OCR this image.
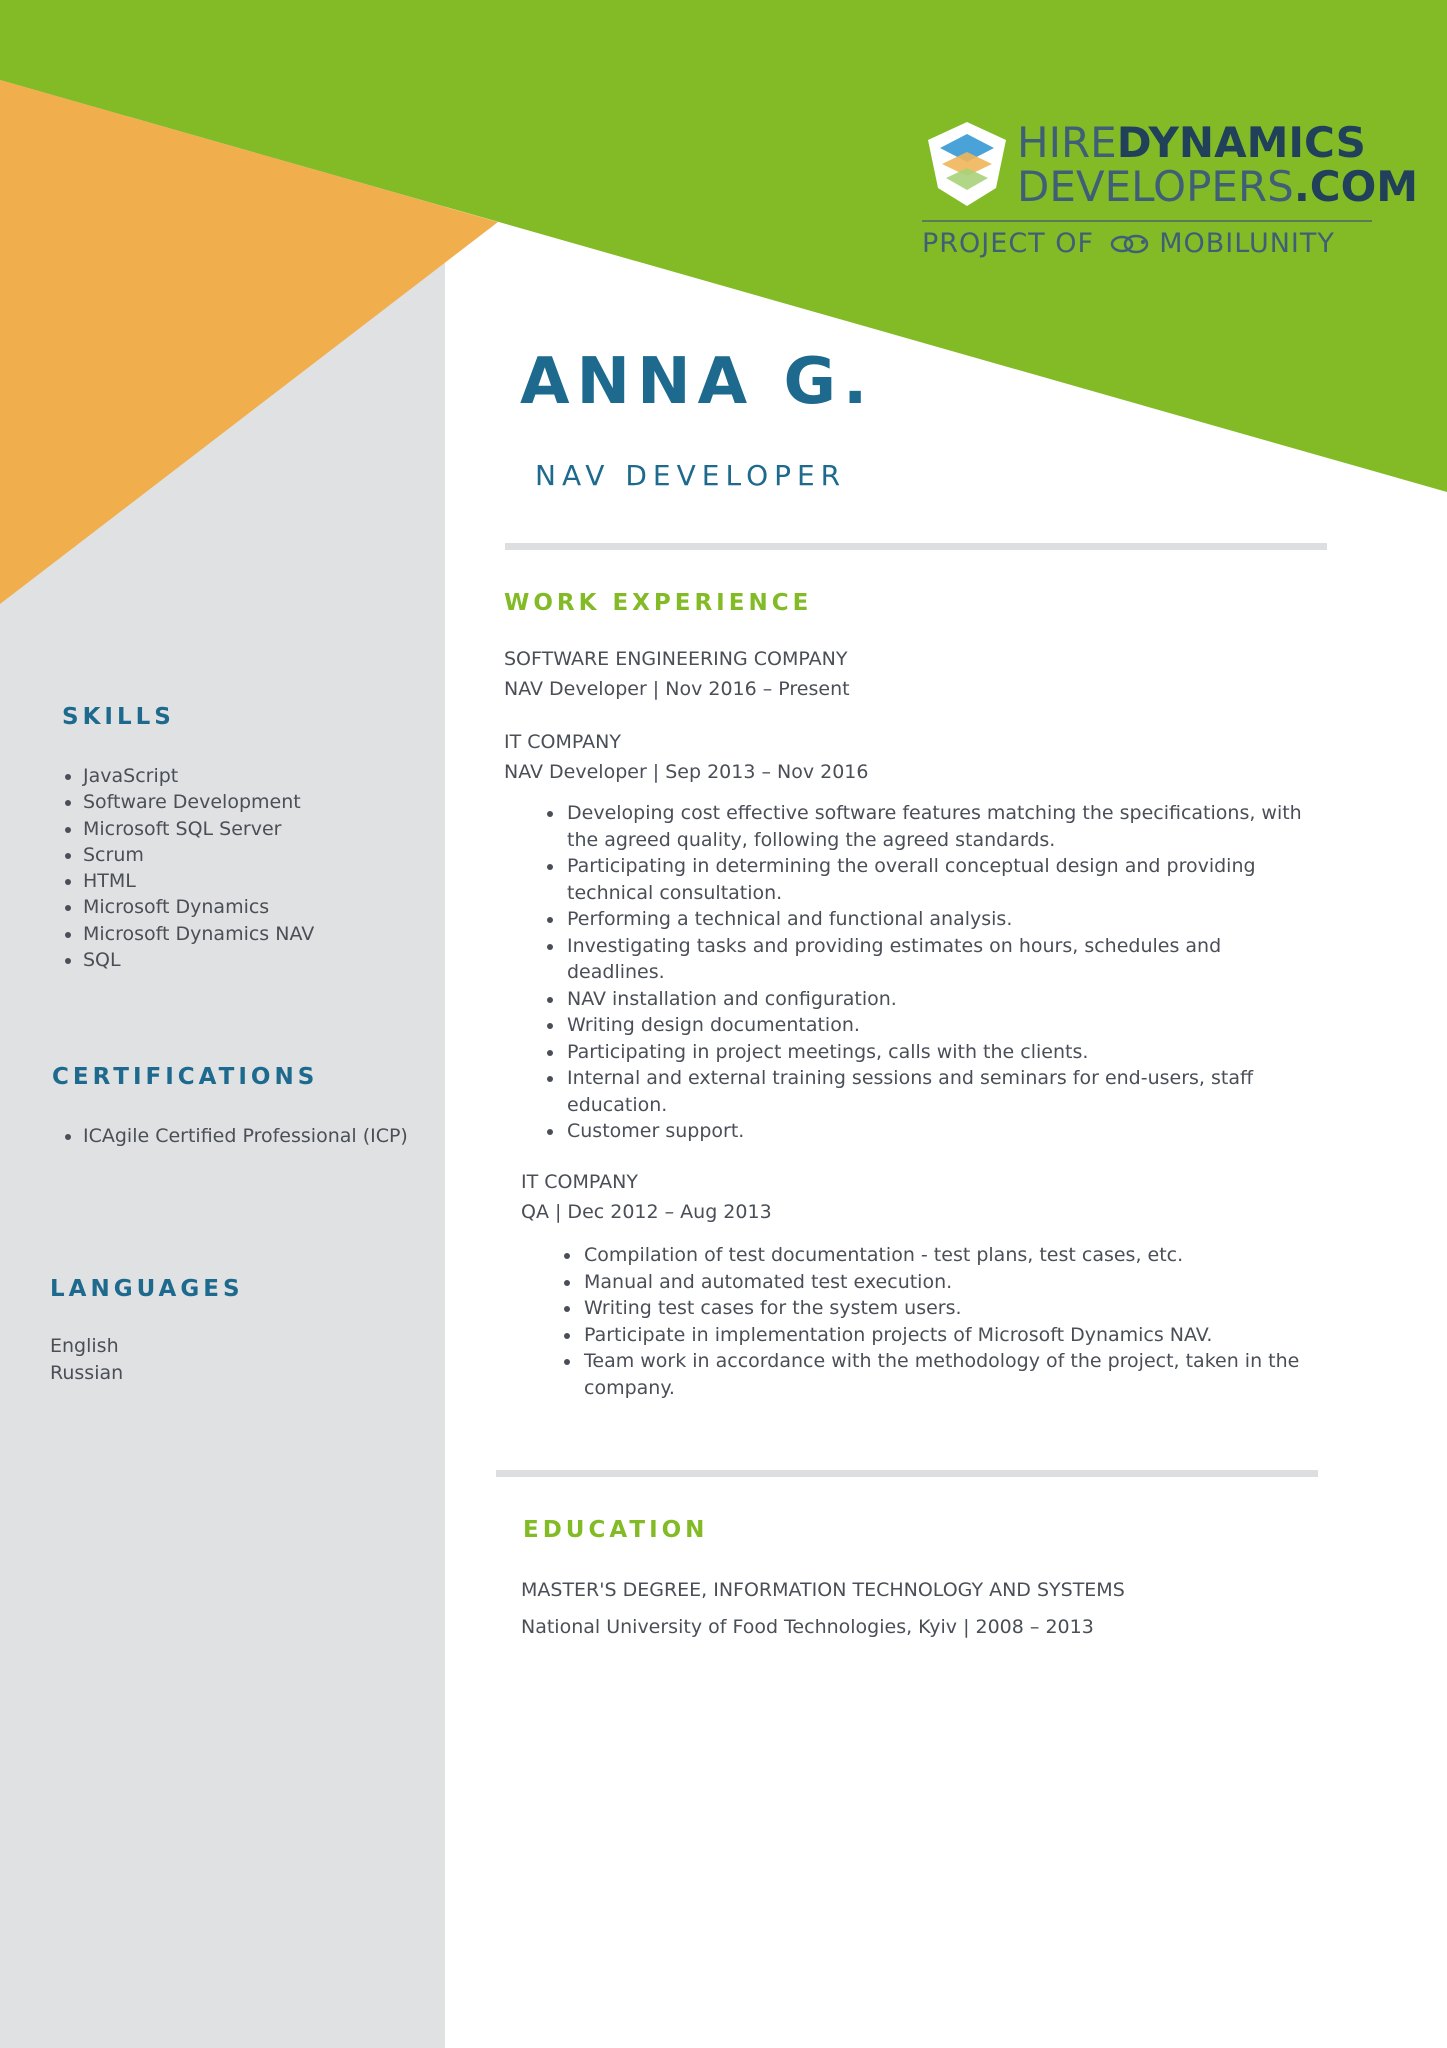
HIREDYNAMICS
DEVELOPERS.COM
PROJECT OF MOBILUNITY
ANNA G.
NAV DEVELOPER
WORK EXPERIENCE
SOFTWARE ENGINEERING COMPANY
NAV Developer | Nov 2016 – Present
IT COMPANY
NAV Developer | Sep 2013 – Nov 2016
• Developing cost effective software features matching the specifications, with the agreed quality, following the agreed standards.
• Participating in determining the overall conceptual design and providing technical consultation.
• Performing a technical and functional analysis.
• Investigating tasks and providing estimates on hours, schedules and deadlines.
• NAV installation and configuration.
• Writing design documentation.
• Participating in project meetings, calls with the clients.
• Internal and external training sessions and seminars for end-users, staff education.
• Customer support.
IT COMPANY
QA | Dec 2012 – Aug 2013
• Compilation of test documentation - test plans, test cases, etc.
• Manual and automated test execution.
• Writing test cases for the system users.
• Participate in implementation projects of Microsoft Dynamics NAV.
• Team work in accordance with the methodology of the project, taken in the company.
EDUCATION
MASTER'S DEGREE, INFORMATION TECHNOLOGY AND SYSTEMS
National University of Food Technologies, Kyiv | 2008 – 2013
SKILLS
• JavaScript
• Software Development
• Microsoft SQL Server
• Scrum
• HTML
• Microsoft Dynamics
• Microsoft Dynamics NAV
• SQL
CERTIFICATIONS
• ICAgile Certified Professional (ICP)
LANGUAGES
English
Russian
